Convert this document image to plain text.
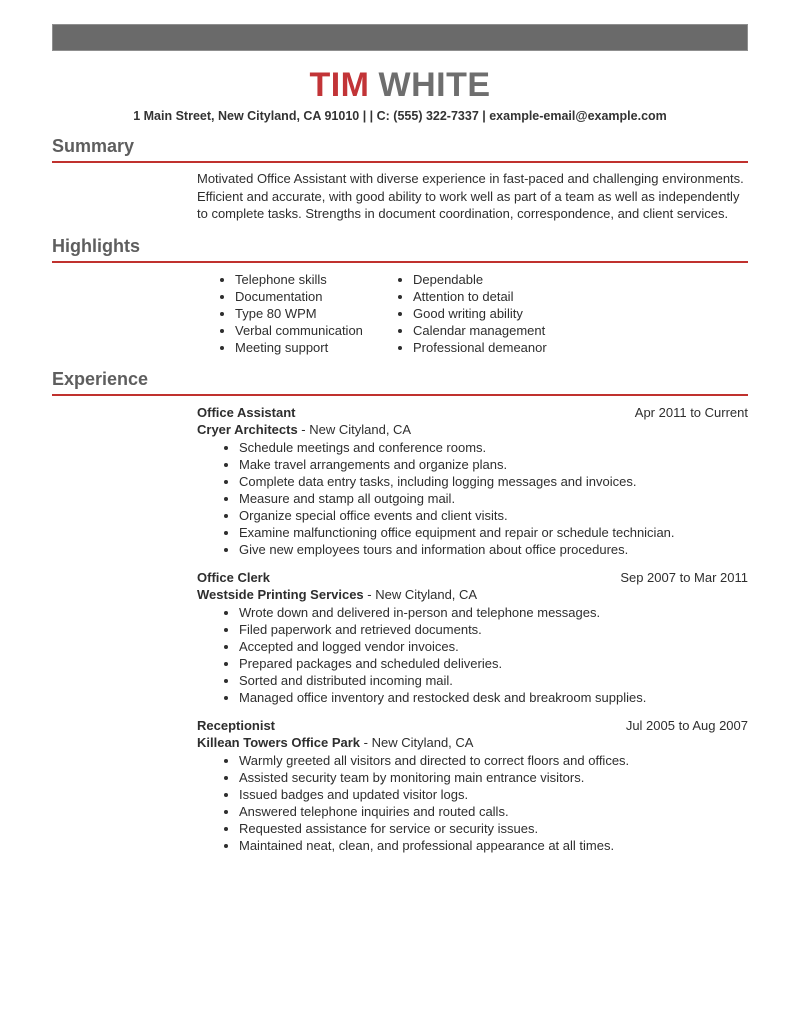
TIM WHITE
1 Main Street, New Cityland, CA 91010 | | C: (555) 322-7337 | example-email@example.com
Summary
Motivated Office Assistant with diverse experience in fast-paced and challenging environments. Efficient and accurate, with good ability to work well as part of a team as well as independently to complete tasks. Strengths in document coordination, correspondence, and client services.
Highlights
• Telephone skills
• Documentation
• Type 80 WPM
• Verbal communication
• Meeting support
• Dependable
• Attention to detail
• Good writing ability
• Calendar management
• Professional demeanor
Experience
Office Assistant	Apr 2011 to Current
Cryer Architects - New Cityland, CA
• Schedule meetings and conference rooms.
• Make travel arrangements and organize plans.
• Complete data entry tasks, including logging messages and invoices.
• Measure and stamp all outgoing mail.
• Organize special office events and client visits.
• Examine malfunctioning office equipment and repair or schedule technician.
• Give new employees tours and information about office procedures.
Office Clerk	Sep 2007 to Mar 2011
Westside Printing Services - New Cityland, CA
• Wrote down and delivered in-person and telephone messages.
• Filed paperwork and retrieved documents.
• Accepted and logged vendor invoices.
• Prepared packages and scheduled deliveries.
• Sorted and distributed incoming mail.
• Managed office inventory and restocked desk and breakroom supplies.
Receptionist	Jul 2005 to Aug 2007
Killean Towers Office Park - New Cityland, CA
• Warmly greeted all visitors and directed to correct floors and offices.
• Assisted security team by monitoring main entrance visitors.
• Issued badges and updated visitor logs.
• Answered telephone inquiries and routed calls.
• Requested assistance for service or security issues.
• Maintained neat, clean, and professional appearance at all times.
